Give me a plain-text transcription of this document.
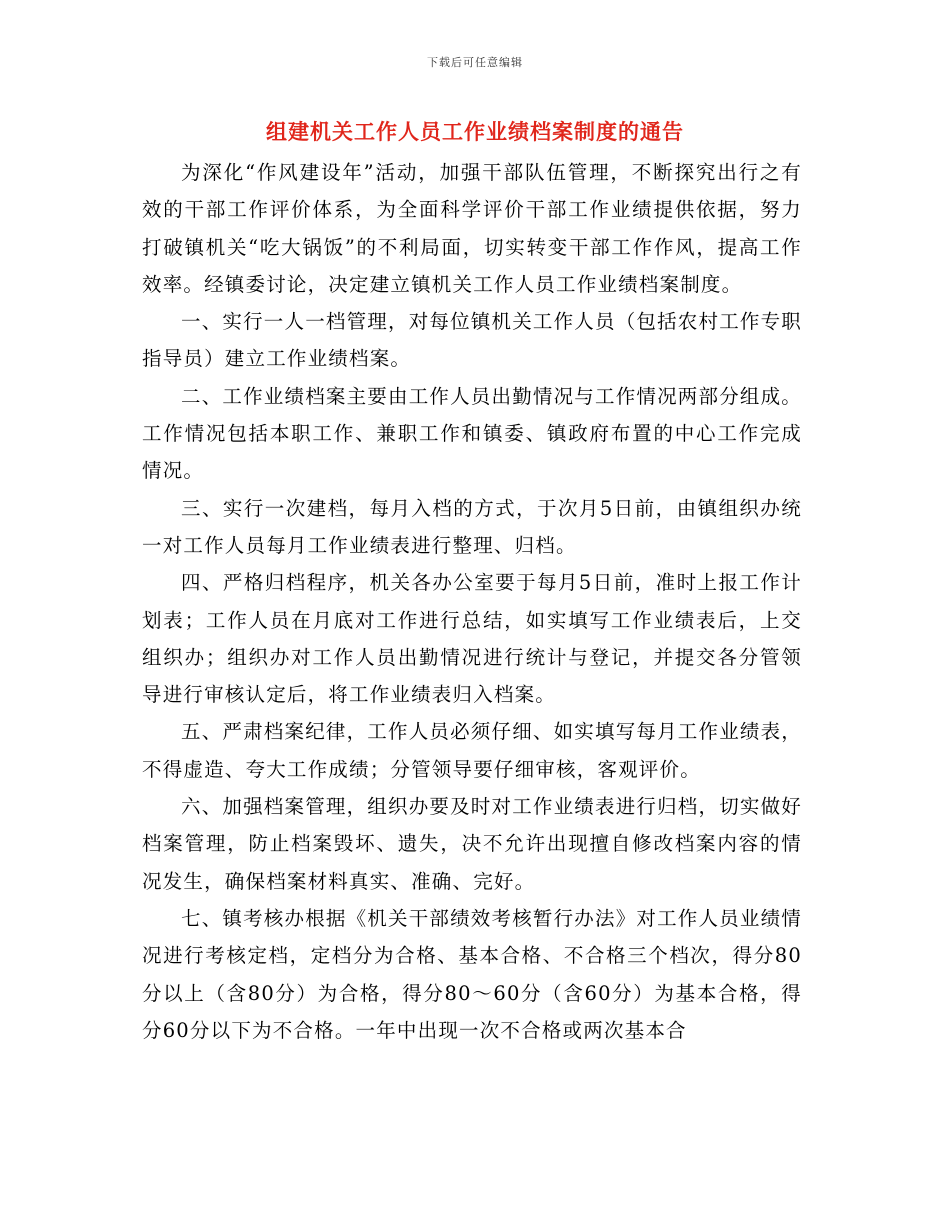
下载后可任意编辑
组建机关工作人员工作业绩档案制度的通告

为深化“作风建设年”活动，加强干部队伍管理，不断探究出行之有效的干部工作评价体系，为全面科学评价干部工作业绩提供依据，努力打破镇机关“吃大锅饭”的不利局面，切实转变干部工作作风，提高工作效率。经镇委讨论，决定建立镇机关工作人员工作业绩档案制度。

一、实行一人一档管理，对每位镇机关工作人员（包括农村工作专职指导员）建立工作业绩档案。

二、工作业绩档案主要由工作人员出勤情况与工作情况两部分组成。工作情况包括本职工作、兼职工作和镇委、镇政府布置的中心工作完成情况。

三、实行一次建档，每月入档的方式，于次月5日前，由镇组织办统一对工作人员每月工作业绩表进行整理、归档。

四、严格归档程序，机关各办公室要于每月5日前，准时上报工作计划表；工作人员在月底对工作进行总结，如实填写工作业绩表后，上交组织办；组织办对工作人员出勤情况进行统计与登记，并提交各分管领导进行审核认定后，将工作业绩表归入档案。

五、严肃档案纪律，工作人员必须仔细、如实填写每月工作业绩表，不得虚造、夸大工作成绩；分管领导要仔细审核，客观评价。

六、加强档案管理，组织办要及时对工作业绩表进行归档，切实做好档案管理，防止档案毁坏、遗失，决不允许出现擅自修改档案内容的情况发生，确保档案材料真实、准确、完好。

七、镇考核办根据《机关干部绩效考核暂行办法》对工作人员业绩情况进行考核定档，定档分为合格、基本合格、不合格三个档次，得分80分以上（含80分）为合格，得分80～60分（含60分）为基本合格，得分60分以下为不合格。一年中出现一次不合格或两次基本合
